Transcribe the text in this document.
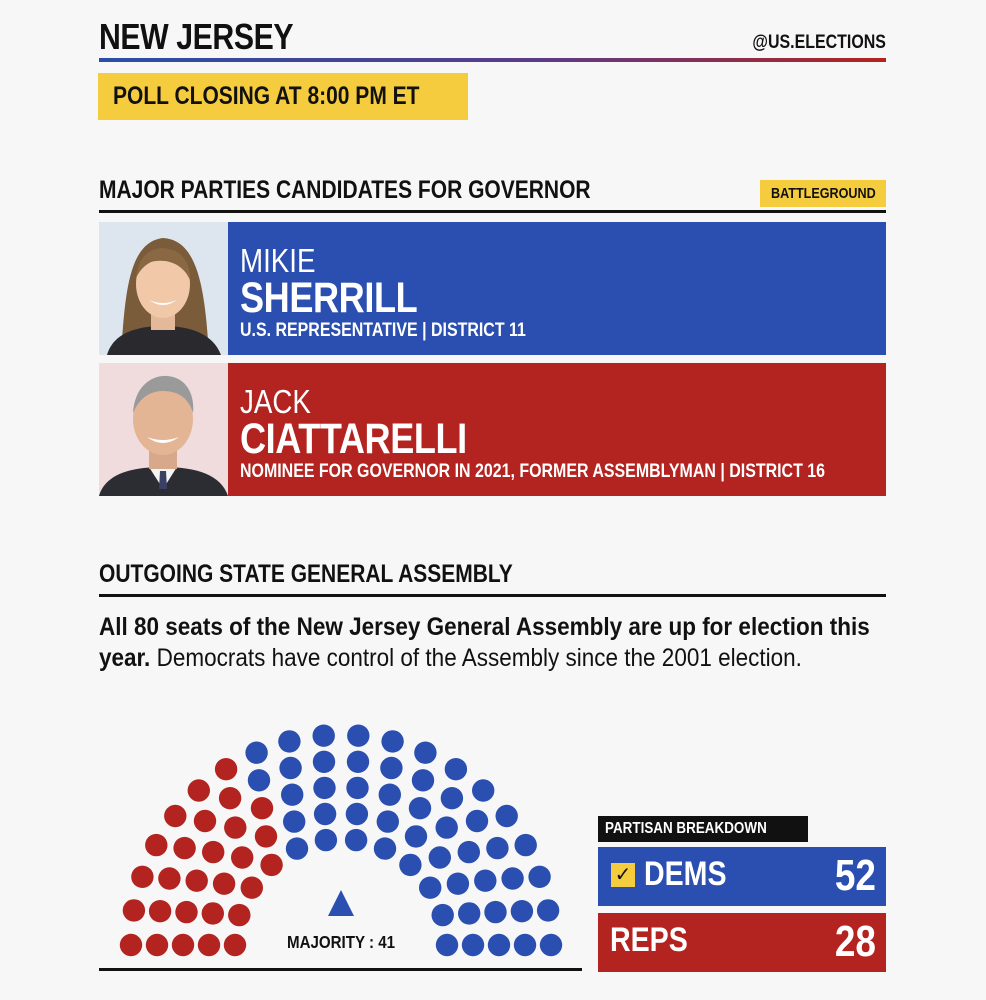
NEW JERSEY	@US.ELECTIONS
POLL CLOSING AT 8:00 PM ET
MAJOR PARTIES CANDIDATES FOR GOVERNOR	BATTLEGROUND
MIKIE
SHERRILL
U.S. REPRESENTATIVE | DISTRICT 11
JACK
CIATTARELLI
NOMINEE FOR GOVERNOR IN 2021, FORMER ASSEMBLYMAN | DISTRICT 16
OUTGOING STATE GENERAL ASSEMBLY
All 80 seats of the New Jersey General Assembly are up for election this year. Democrats have control of the Assembly since the 2001 election.
MAJORITY : 41
PARTISAN BREAKDOWN
✓ DEMS	52
REPS	28
